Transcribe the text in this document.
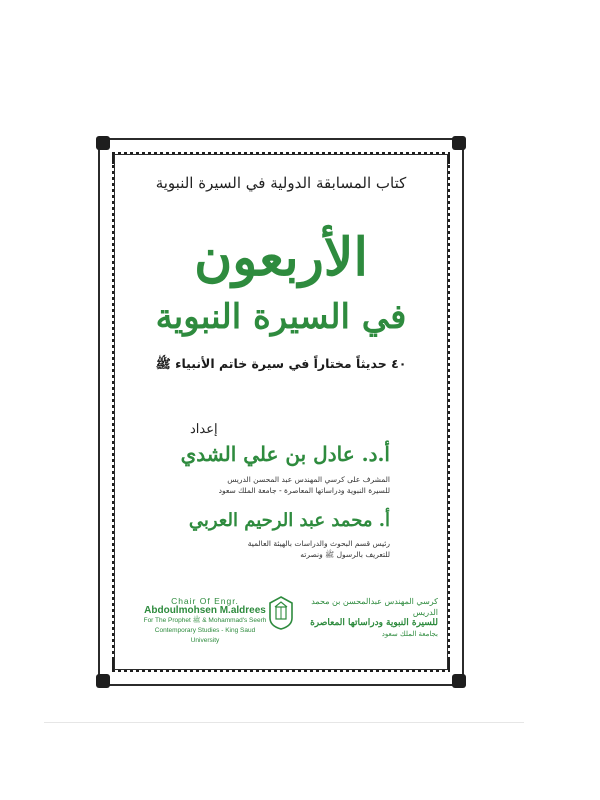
كتاب المسابقة الدولية في السيرة النبوية
الأربعون
في السيرة النبوية
٤٠ حديثاً مختاراً في سيرة خاتم الأنبياء ﷺ
إعداد
أ.د. عادل بن علي الشدي
المشرف على كرسي المهندس عبد المحسن الدريس
للسيرة النبوية ودراساتها المعاصرة - جامعة الملك سعود
أ. محمد عبد الرحيم العربي
رئيس قسم البحوث والدراسات بالهيئة العالمية
للتعريف بالرسول ﷺ ونصرته
Chair Of Engr.
Abdoulmohsen M.aldrees
For The Prophet ﷺ & Mohammad's Seerh
Contemporary Studies - King Saud University
كرسي المهندس عبدالمحسن بن محمد الدريس
للسيرة النبوية ودراساتها المعاصرة
بجامعة الملك سعود
